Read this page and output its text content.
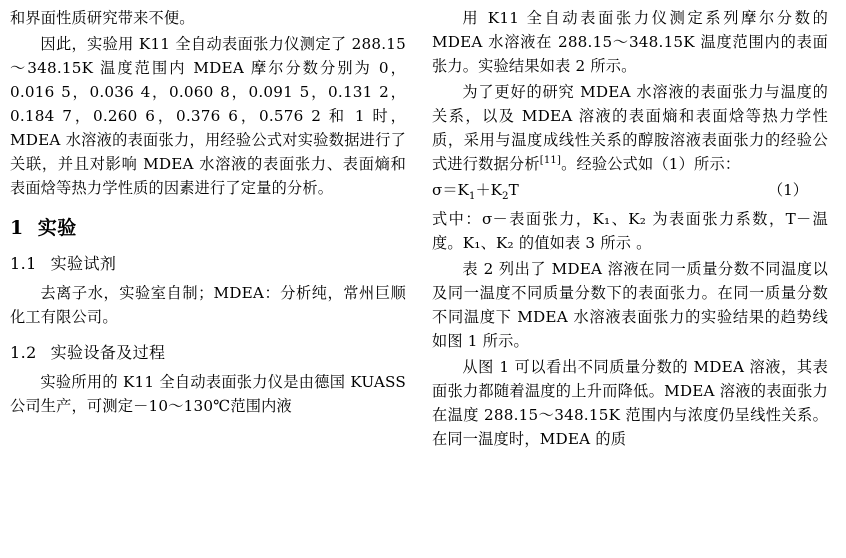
和界面性质研究带来不便。

因此，实验用 K11 全自动表面张力仪测定了 288.15～348.15K 温度范围内 MDEA 摩尔分数分别为 0，0.016 5，0.036 4，0.060 8，0.091 5，0.131 2，0.184 7，0.260 6，0.376 6，0.576 2 和 1 时，MDEA 水溶液的表面张力，用经验公式对实验数据进行了关联，并且对影响 MDEA 水溶液的表面张力、表面熵和表面焓等热力学性质的因素进行了定量的分析。

1 实验
1.1 实验试剂

去离子水，实验室自制；MDEA：分析纯，常州巨顺化工有限公司。

1.2 实验设备及过程

实验所用的 K11 全自动表面张力仪是由德国 KUASS 公司生产，可测定－10～130℃范围内液

用 K11 全自动表面张力仪测定系列摩尔分数的 MDEA 水溶液在 288.15～348.15K 温度范围内的表面张力。实验结果如表 2 所示。

为了更好的研究 MDEA 水溶液的表面张力与温度的关系，以及 MDEA 溶液的表面熵和表面焓等热力学性质，采用与温度成线性关系的醇胺溶液表面张力的经验公式进行数据分析[11]。经验公式如（1）所示：

$\sigma=K_1+K_2T$	（1）

式中：σ－表面张力，K₁、K₂ 为表面张力系数，T－温度。K₁、K₂ 的值如表 3 所示 。

表 2 列出了 MDEA 溶液在同一质量分数不同温度以及同一温度不同质量分数下的表面张力。在同一质量分数不同温度下 MDEA 水溶液表面张力的实验结果的趋势线如图 1 所示。

从图 1 可以看出不同质量分数的 MDEA 溶液，其表面张力都随着温度的上升而降低。MDEA 溶液的表面张力在温度 288.15～348.15K 范围内与浓度仍呈线性关系。在同一温度时，MDEA 的质
